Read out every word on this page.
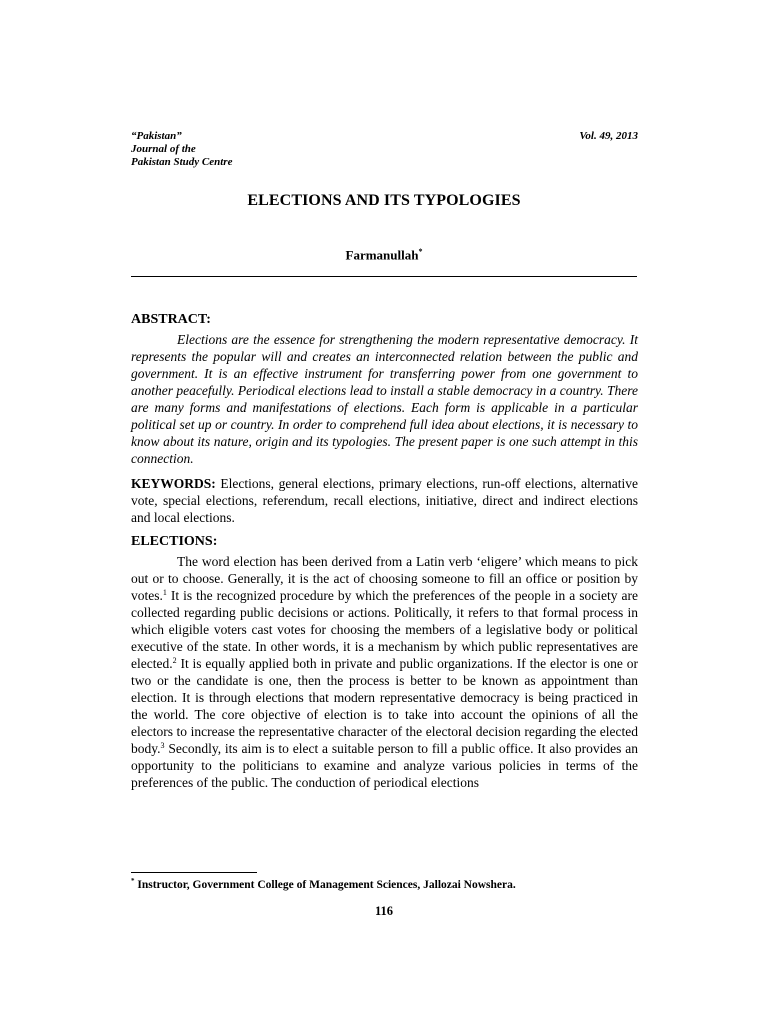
“Pakistan”
Journal of the
Pakistan Study Centre
Vol. 49, 2013
ELECTIONS AND ITS TYPOLOGIES
Farmanullah*
ABSTRACT:

Elections are the essence for strengthening the modern representative democracy. It represents the popular will and creates an interconnected relation between the public and government. It is an effective instrument for transferring power from one government to another peacefully. Periodical elections lead to install a stable democracy in a country. There are many forms and manifestations of elections. Each form is applicable in a particular political set up or country. In order to comprehend full idea about elections, it is necessary to know about its nature, origin and its typologies. The present paper is one such attempt in this connection.

KEYWORDS: Elections, general elections, primary elections, run-off elections, alternative vote, special elections, referendum, recall elections, initiative, direct and indirect elections and local elections.

ELECTIONS:

The word election has been derived from a Latin verb ‘eligere’ which means to pick out or to choose. Generally, it is the act of choosing someone to fill an office or position by votes.$^1$ It is the recognized procedure by which the preferences of the people in a society are collected regarding public decisions or actions. Politically, it refers to that formal process in which eligible voters cast votes for choosing the members of a legislative body or political executive of the state. In other words, it is a mechanism by which public representatives are elected.$^2$ It is equally applied both in private and public organizations. If the elector is one or two or the candidate is one, then the process is better to be known as appointment than election. It is through elections that modern representative democracy is being practiced in the world. The core objective of election is to take into account the opinions of all the electors to increase the representative character of the electoral decision regarding the elected body.$^3$ Secondly, its aim is to elect a suitable person to fill a public office. It also provides an opportunity to the politicians to examine and analyze various policies in terms of the preferences of the public. The conduction of periodical elections

* Instructor, Government College of Management Sciences, Jallozai Nowshera.
116
